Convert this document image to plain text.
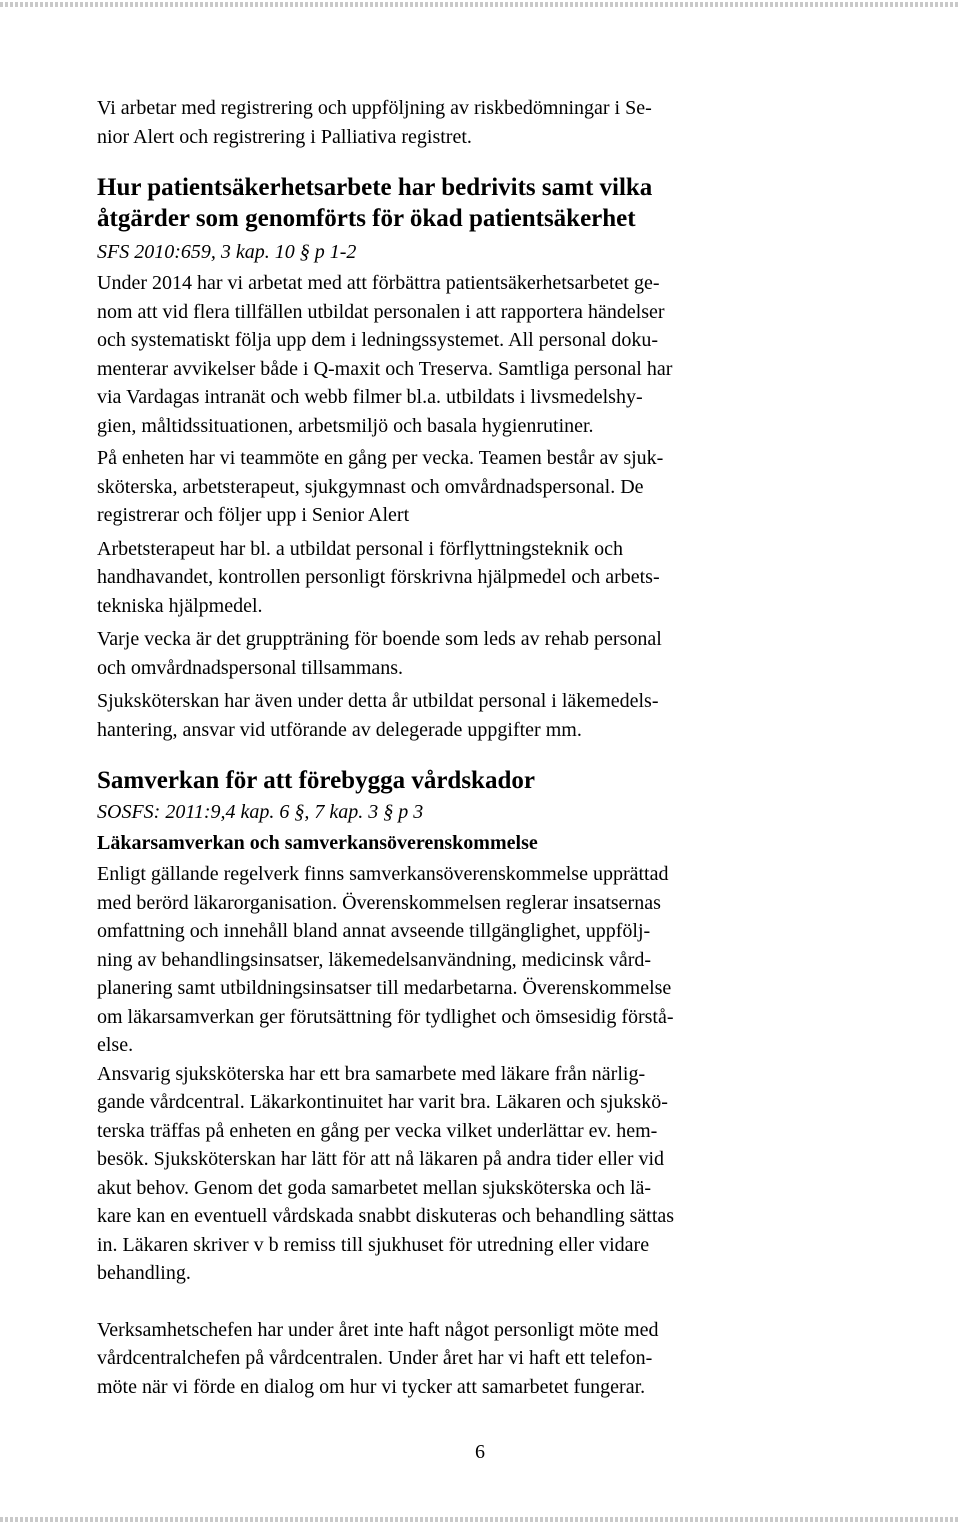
Vi arbetar med registrering och uppföljning av riskbedömningar i Se-
nior Alert och registrering i Palliativa registret.

Hur patientsäkerhetsarbete har bedrivits samt vilka
åtgärder som genomförts för ökad patientsäkerhet

SFS 2010:659, 3 kap. 10 § p 1-2

Under 2014 har vi arbetat med att förbättra patientsäkerhetsarbetet ge-
nom att vid flera tillfällen utbildat personalen i att rapportera händelser
och systematiskt följa upp dem i ledningssystemet. All personal doku-
menterar avvikelser både i Q-maxit och Treserva. Samtliga personal har
via Vardagas intranät och webb filmer bl.a. utbildats i livsmedelshy-
gien, måltidssituationen, arbetsmiljö och basala hygienrutiner.

På enheten har vi teammöte en gång per vecka. Teamen består av sjuk-
sköterska, arbetsterapeut, sjukgymnast och omvårdnadspersonal. De
registrerar och följer upp i Senior Alert

Arbetsterapeut har bl. a utbildat personal i förflyttningsteknik och
handhavandet, kontrollen personligt förskrivna hjälpmedel och arbets-
tekniska hjälpmedel.

Varje vecka är det gruppträning för boende som leds av rehab personal
och omvårdnadspersonal tillsammans.

Sjuksköterskan har även under detta år utbildat personal i läkemedels-
hantering, ansvar vid utförande av delegerade uppgifter mm.

Samverkan för att förebygga vårdskador

SOSFS: 2011:9,4 kap. 6 §, 7 kap. 3 § p 3

Läkarsamverkan och samverkansöverenskommelse

Enligt gällande regelverk finns samverkansöverenskommelse upprättad
med berörd läkarorganisation. Överenskommelsen reglerar insatsernas
omfattning och innehåll bland annat avseende tillgänglighet, uppfölj-
ning av behandlingsinsatser, läkemedelsanvändning, medicinsk vård-
planering samt utbildningsinsatser till medarbetarna. Överenskommelse
om läkarsamverkan ger förutsättning för tydlighet och ömsesidig förstå-
else.

Ansvarig sjuksköterska har ett bra samarbete med läkare från närlig-
gande vårdcentral. Läkarkontinuitet har varit bra. Läkaren och sjukskö-
terska träffas på enheten en gång per vecka vilket underlättar ev. hem-
besök. Sjuksköterskan har lätt för att nå läkaren på andra tider eller vid
akut behov. Genom det goda samarbetet mellan sjuksköterska och lä-
kare kan en eventuell vårdskada snabbt diskuteras och behandling sättas
in. Läkaren skriver v b remiss till sjukhuset för utredning eller vidare
behandling.

Verksamhetschefen har under året inte haft något personligt möte med
vårdcentralchefen på vårdcentralen. Under året har vi haft ett telefon-
möte när vi förde en dialog om hur vi tycker att samarbetet fungerar.

6
